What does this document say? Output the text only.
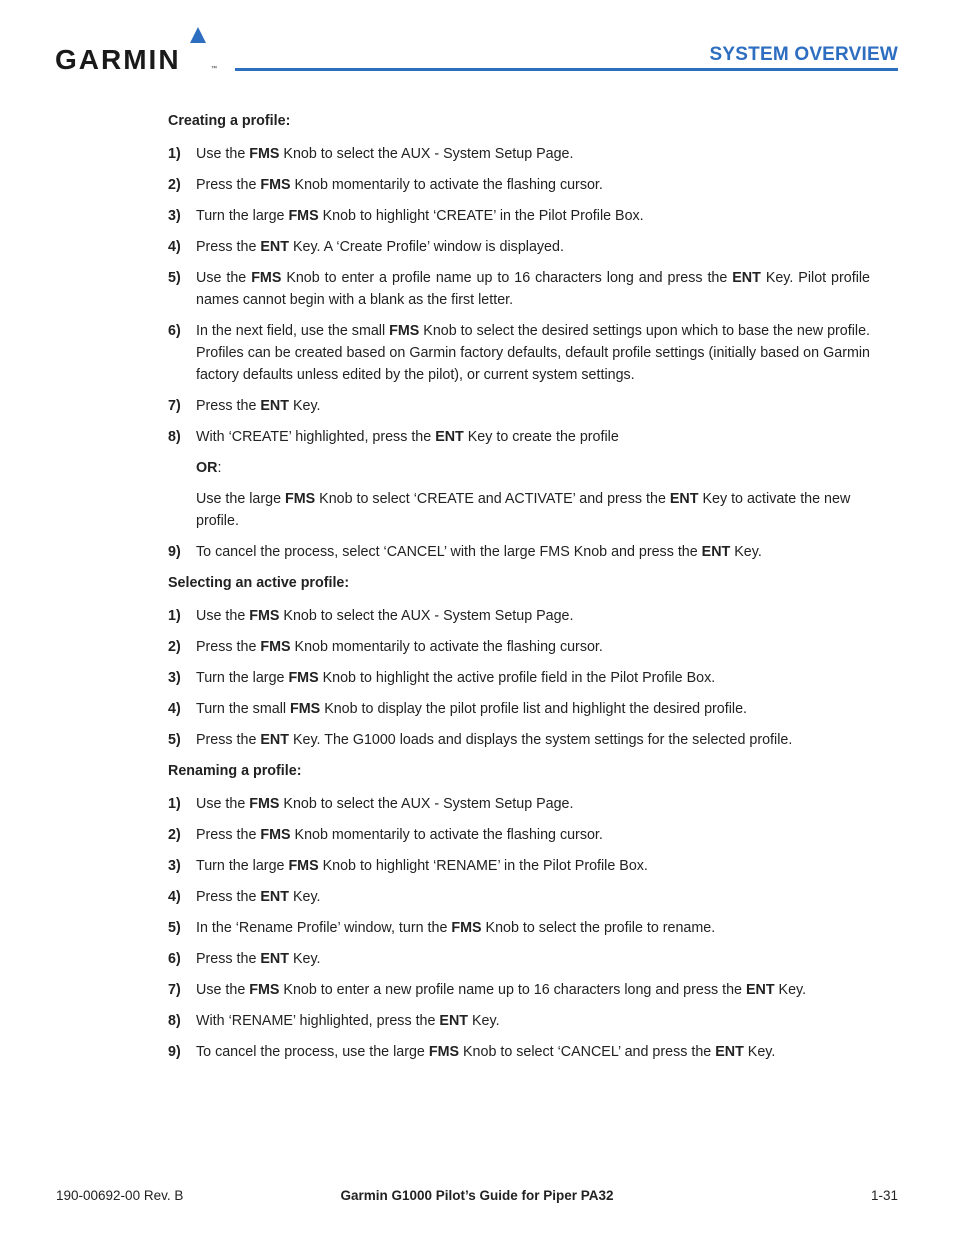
GARMIN	™
SYSTEM OVERVIEW
Creating a profile:
1) Use the FMS Knob to select the AUX - System Setup Page.
2) Press the FMS Knob momentarily to activate the flashing cursor.
3) Turn the large FMS Knob to highlight ‘CREATE’ in the Pilot Profile Box.
4) Press the ENT Key. A ‘Create Profile’ window is displayed.
5) Use the FMS Knob to enter a profile name up to 16 characters long and press the ENT Key. Pilot profile names cannot begin with a blank as the first letter.
6) In the next field, use the small FMS Knob to select the desired settings upon which to base the new profile. Profiles can be created based on Garmin factory defaults, default profile settings (initially based on Garmin factory defaults unless edited by the pilot), or current system settings.
7) Press the ENT Key.
8) With ‘CREATE’ highlighted, press the ENT Key to create the profile
OR:
Use the large FMS Knob to select ‘CREATE and ACTIVATE’ and press the ENT Key to activate the new profile.
9) To cancel the process, select ‘CANCEL’ with the large FMS Knob and press the ENT Key.
Selecting an active profile:
1) Use the FMS Knob to select the AUX - System Setup Page.
2) Press the FMS Knob momentarily to activate the flashing cursor.
3) Turn the large FMS Knob to highlight the active profile field in the Pilot Profile Box.
4) Turn the small FMS Knob to display the pilot profile list and highlight the desired profile.
5) Press the ENT Key. The G1000 loads and displays the system settings for the selected profile.
Renaming a profile:
1) Use the FMS Knob to select the AUX - System Setup Page.
2) Press the FMS Knob momentarily to activate the flashing cursor.
3) Turn the large FMS Knob to highlight ‘RENAME’ in the Pilot Profile Box.
4) Press the ENT Key.
5) In the ‘Rename Profile’ window, turn the FMS Knob to select the profile to rename.
6) Press the ENT Key.
7) Use the FMS Knob to enter a new profile name up to 16 characters long and press the ENT Key.
8) With ‘RENAME’ highlighted, press the ENT Key.
9) To cancel the process, use the large FMS Knob to select ‘CANCEL’ and press the ENT Key.
190-00692-00 Rev. B	Garmin G1000 Pilot’s Guide for Piper PA32	1-31
